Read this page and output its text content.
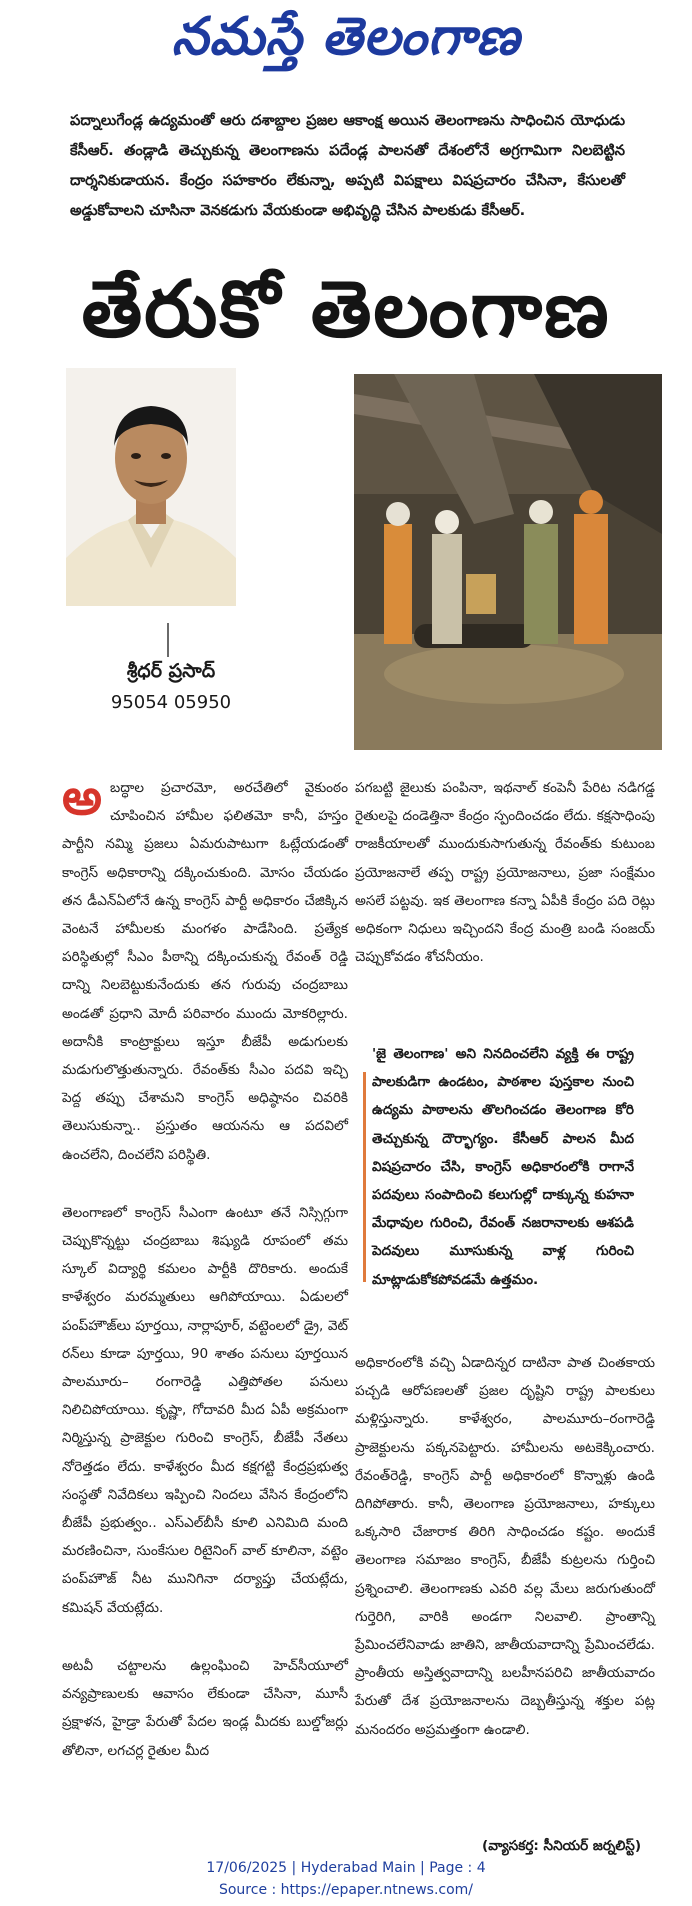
నమస్తే తెలంగాణ
పద్నాలుగేండ్ల ఉద్యమంతో ఆరు దశాబ్దాల ప్రజల ఆకాంక్ష అయిన తెలంగాణను సాధించిన యోధుడు కేసీఆర్. తండ్లాడి తెచ్చుకున్న తెలంగాణను పదేండ్ల పాలనతో దేశంలోనే అగ్రగామిగా నిలబెట్టిన దార్శనికుడాయన. కేంద్రం సహకారం లేకున్నా, అప్పటి విపక్షాలు విషప్రచారం చేసినా, కేసులతో అడ్డుకోవాలని చూసినా వెనకడుగు వేయకుండా అభివృద్ధి చేసిన పాలకుడు కేసీఆర్.
తేరుకో తెలంగాణ
శ్రీధర్ ప్రసాద్
95054 05950

అబద్ధాల ప్రచారమో, అరచేతిలో వైకుంఠం చూపించిన హామీల ఫలితమో కానీ, హస్తం పార్టీని నమ్మి ప్రజలు ఏమరుపాటుగా ఓట్లేయడంతో కాంగ్రెస్ అధికారాన్ని దక్కించుకుంది. మోసం చేయడం తన డీఎన్ఏలోనే ఉన్న కాంగ్రెస్ పార్టీ అధికారం చేజిక్కిన వెంటనే హామీలకు మంగళం పాడేసింది. ప్రత్యేక పరిస్థితుల్లో సీఎం పీఠాన్ని దక్కించుకున్న రేవంత్ రెడ్డి దాన్ని నిలబెట్టుకునేందుకు తన గురువు చంద్రబాబు అండతో ప్రధాని మోదీ పరివారం ముందు మోకరిల్లారు. అదానీకి కాంట్రాక్టులు ఇస్తూ బీజేపీ అడుగులకు మడుగులొత్తుతున్నారు. రేవంత్‌కు సీఎం పదవి ఇచ్చి పెద్ద తప్పు చేశామని కాంగ్రెస్ అధిష్ఠానం చివరికి తెలుసుకున్నా.. ప్రస్తుతం ఆయనను ఆ పదవిలో ఉంచలేని, దించలేని పరిస్థితి.

తెలంగాణలో కాంగ్రెస్ సీఎంగా ఉంటూ తనే నిస్సిగ్గుగా చెప్పుకొన్నట్టు చంద్రబాబు శిష్యుడి రూపంలో తమ స్కూల్ విద్యార్థి కమలం పార్టీకి దొరికారు. అందుకే కాళేశ్వరం మరమ్మతులు ఆగిపోయాయి. ఏడులలో పంప్‌హౌజ్‌లు పూర్తయి, నార్లాపూర్, వట్టెంలలో డ్రై, వెట్ రన్‌లు కూడా పూర్తయి, 90 శాతం పనులు పూర్తయిన పాలమూరు– రంగారెడ్డి ఎత్తిపోతల పనులు నిలిచిపోయాయి. కృష్ణా, గోదావరి మీద ఏపీ అక్రమంగా నిర్మిస్తున్న ప్రాజెక్టుల గురించి కాంగ్రెస్, బీజేపీ నేతలు నోరెత్తడం లేదు. కాళేశ్వరం మీద కక్షగట్టి కేంద్రప్రభుత్వ సంస్థతో నివేదికలు ఇప్పించి నిందలు వేసిన కేంద్రంలోని బీజేపీ ప్రభుత్వం.. ఎస్ఎల్‌బీసీ కూలి ఎనిమిది మంది మరణించినా, సుంకేసుల రిటైనింగ్ వాల్ కూలినా, వట్టెం పంప్‌హౌజ్ నీట మునిగినా దర్యాప్తు చేయట్లేదు, కమిషన్ వేయట్లేదు.

అటవీ చట్టాలను ఉల్లంఘించి హెచ్‌సీయూలో వన్యప్రాణులకు ఆవాసం లేకుండా చేసినా, మూసీ ప్రక్షాళన, హైడ్రా పేరుతో పేదల ఇండ్ల మీదకు బుల్డోజర్లు తోలినా, లగచర్ల రైతుల మీద

పగబట్టి జైలుకు పంపినా, ఇథనాల్ కంపెనీ పేరిట నడిగడ్డ రైతులపై దండెత్తినా కేంద్రం స్పందించడం లేదు. కక్షసాధింపు రాజకీయాలతో ముందుకుసాగుతున్న రేవంత్‌కు కుటుంబ ప్రయోజనాలే తప్ప రాష్ట్ర ప్రయోజనాలు, ప్రజా సంక్షేమం అసలే పట్టవు. ఇక తెలంగాణ కన్నా ఏపీకి కేంద్రం పది రెట్లు అధికంగా నిధులు ఇచ్చిందని కేంద్ర మంత్రి బండి సంజయ్ చెప్పుకోవడం శోచనీయం.

'జై తెలంగాణ' అని నినదించలేని వ్యక్తి ఈ రాష్ట్ర పాలకుడిగా ఉండటం, పాఠశాల పుస్తకాల నుంచి ఉద్యమ పాఠాలను తొలగించడం తెలంగాణ కోరి తెచ్చుకున్న దౌర్భాగ్యం. కేసీఆర్ పాలన మీద విషప్రచారం చేసి, కాంగ్రెస్ అధికారంలోకి రాగానే పదవులు సంపాదించి కలుగుల్లో దాక్కున్న కుహనా మేధావుల గురించి, రేవంత్ నజరానాలకు ఆశపడి పెదవులు మూసుకున్న వాళ్ల గురించి మాట్లాడుకోకపోవడమే ఉత్తమం.

అధికారంలోకి వచ్చి ఏడాదిన్నర దాటినా పాత చింతకాయ పచ్చడి ఆరోపణలతో ప్రజల దృష్టిని రాష్ట్ర పాలకులు మళ్లిస్తున్నారు. కాళేశ్వరం, పాలమూరు–రంగారెడ్డి ప్రాజెక్టులను పక్కనపెట్టారు. హామీలను అటకెక్కించారు. రేవంత్‌రెడ్డి, కాంగ్రెస్ పార్టీ అధికారంలో కొన్నాళ్లు ఉండి దిగిపోతారు. కానీ, తెలంగాణ ప్రయోజనాలు, హక్కులు ఒక్కసారి చేజారాక తిరిగి సాధించడం కష్టం. అందుకే తెలంగాణ సమాజం కాంగ్రెస్, బీజేపీ కుట్రలను గుర్తించి ప్రశ్నించాలి. తెలంగాణకు ఎవరి వల్ల మేలు జరుగుతుందో గుర్తెరిగి, వారికి అండగా నిలవాలి. ప్రాంతాన్ని ప్రేమించలేనివాడు జాతిని, జాతీయవాదాన్ని ప్రేమించలేడు. ప్రాంతీయ అస్తిత్వవాదాన్ని బలహీనపరిచి జాతీయవాదం పేరుతో దేశ ప్రయోజనాలను దెబ్బతీస్తున్న శక్తుల పట్ల మనందరం అప్రమత్తంగా ఉండాలి.

(వ్యాసకర్త: సీనియర్ జర్నలిస్ట్)
17/06/2025 | Hyderabad Main | Page : 4
Source : https://epaper.ntnews.com/
